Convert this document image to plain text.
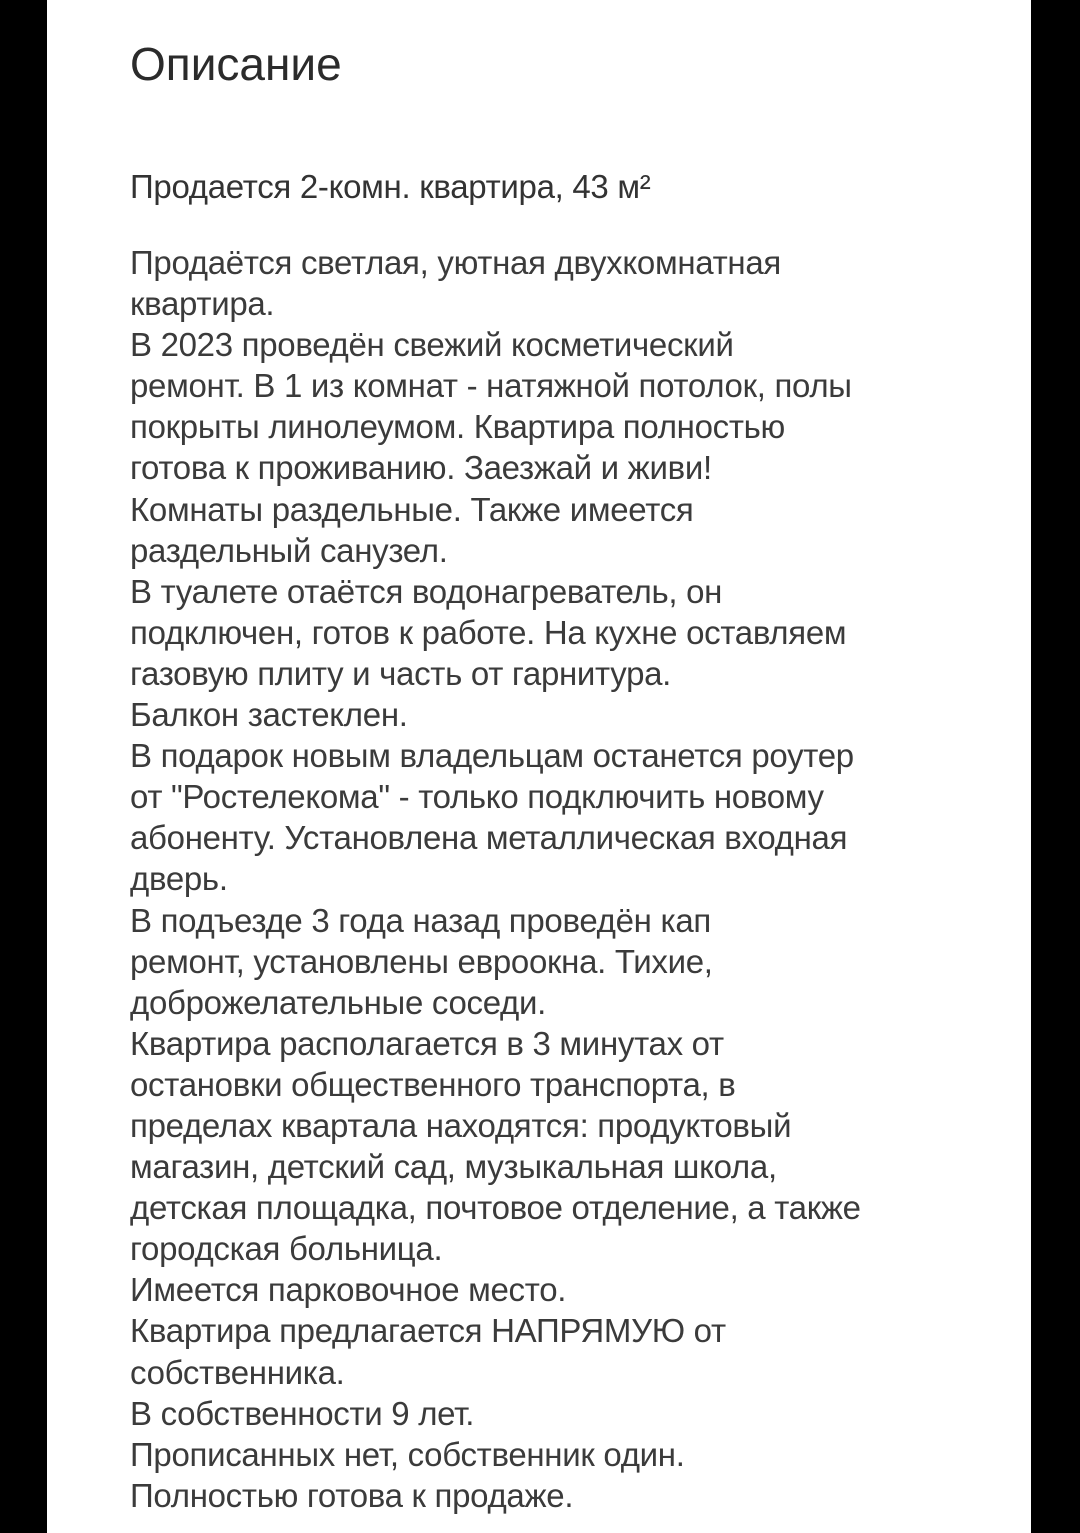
Описание
Продается 2-комн. квартира, 43 м²
Продаётся светлая, уютная двухкомнатная
квартира.
В 2023 проведён свежий косметический
ремонт. В 1 из комнат - натяжной потолок, полы
покрыты линолеумом. Квартира полностью
готова к проживанию. Заезжай и живи!
Комнаты раздельные. Также имеется
раздельный санузел.
В туалете отаётся водонагреватель, он
подключен, готов к работе. На кухне оставляем
газовую плиту и часть от гарнитура.
Балкон застеклен.
В подарок новым владельцам останется роутер
от "Ростелекома" - только подключить новому
абоненту. Установлена металлическая входная
дверь.
В подъезде 3 года назад проведён кап
ремонт, установлены евроокна. Тихие,
доброжелательные соседи.
Квартира располагается в 3 минутах от
остановки общественного транспорта, в
пределах квартала находятся: продуктовый
магазин, детский сад, музыкальная школа,
детская площадка, почтовое отделение, а также
городская больница.
Имеется парковочное место.
Квартира предлагается НАПРЯМУЮ от
собственника.
В собственности 9 лет.
Прописанных нет, собственник один.
Полностью готова к продаже.
